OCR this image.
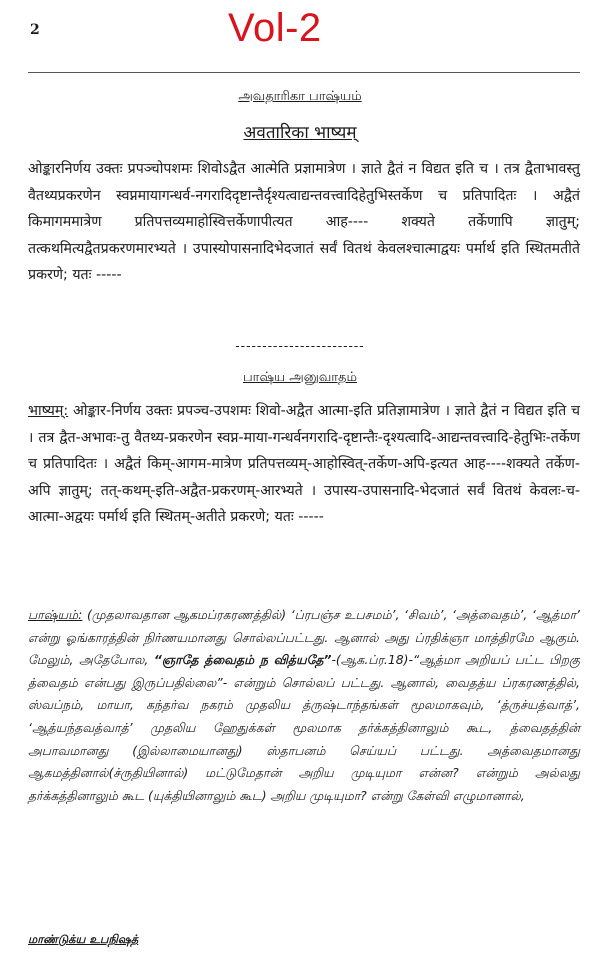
2	Vol-2
அவதாரிகா பாஷ்யம்
अवतारिका भाष्यम्
ओङ्कारनिर्णय उक्तः प्रपञ्चोपशमः शिवोऽद्वैत आत्मेति प्रज्ञामात्रेण । ज्ञाते द्वैतं न विद्यत इति च । तत्र द्वैताभावस्तु वैतथ्यप्रकरणेन स्वप्नमायागन्धर्व-नगरादिदृष्टान्तैर्दृश्यत्वाद्यन्तवत्त्वादिहेतुभिस्तर्केण च प्रतिपादितः । अद्वैतं किमागममात्रेण प्रतिपत्तव्यमाहोस्वित्तर्केणापीत्यत आह---- शक्यते तर्केणापि ज्ञातुम्; तत्कथमित्यद्वैतप्रकरणमारभ्यते । उपास्योपासनादिभेदजातं सर्वं वितथं केवलश्चात्माद्वयः पर्मार्थ इति स्थितमतीते प्रकरणे; यतः -----
------------------------
பாஷ்ய அனுவாதம்
भाष्यम्: ओङ्कार-निर्णय उक्तः प्रपञ्च-उपशमः शिवो-अद्वैत आत्मा-इति प्रतिज्ञामात्रेण । ज्ञाते द्वैतं न विद्यत इति च । तत्र द्वैत-अभावः-तु वैतथ्य-प्रकरणेन स्वप्न-माया-गन्धर्वनगरादि-दृष्टान्तैः-दृश्यत्वादि-आद्यन्तवत्त्वादि-हेतुभिः-तर्केण च प्रतिपादितः । अद्वैतं किम्-आगम-मात्रेण प्रतिपत्तव्यम्-आहोस्वित्-तर्केण-अपि-इत्यत आह----शक्यते तर्केण-अपि ज्ञातुम्; तत्-कथम्-इति-अद्वैत-प्रकरणम्-आरभ्यते । उपास्य-उपासनादि-भेदजातं सर्वं वितथं केवलः-च-आत्मा-अद्वयः पर्मार्थ इति स्थितम्-अतीते प्रकरणे; यतः -----
பாஷ்யம்: (முதலாவதான ஆகமப்ரகரணத்தில்) ‘ப்ரபஞ்ச உபசமம்’, ‘சிவம்’, ‘அத்வைதம்’, ‘ஆத்மா’ என்று ஓங்காரத்தின் நிர்ணயமானது சொல்லப்பட்டது. ஆனால் அது ப்ரதிக்ஞா மாத்திரமே ஆகும். மேலும், அதேபோல, “ஞாதே த்வைதம் ந வித்யதே”-(ஆக.ப்ர.18)-“ஆத்மா அறியப் பட்ட பிறகு த்வைதம் என்பது இருப்பதில்லை”- என்றும் சொல்லப் பட்டது. ஆனால், வைதத்ய ப்ரகரணத்தில், ஸ்வப்நம், மாயா, கந்தர்வ நகரம் முதலிய த்ருஷ்டாந்தங்கள் மூலமாகவும், ‘த்ருச்யத்வாத்’, ‘ஆத்யந்தவத்வாத்’ முதலிய ஹேதுக்கள் மூலமாக தர்க்கத்தினாலும் கூட, த்வைதத்தின் அபாவமானது (இல்லாமையானது) ஸ்தாபனம் செய்யப் பட்டது. அத்வைதமானது ஆகமத்தினால்(ச்ருதியினால்) மட்டுமேதான் அறிய முடியுமா என்ன? என்றும் அல்லது தர்க்கத்தினாலும் கூட (யுக்தியினாலும் கூட) அறிய முடியுமா? என்று கேள்வி எழுமானால்,
மாண்டுக்ய உபநிஷத்
